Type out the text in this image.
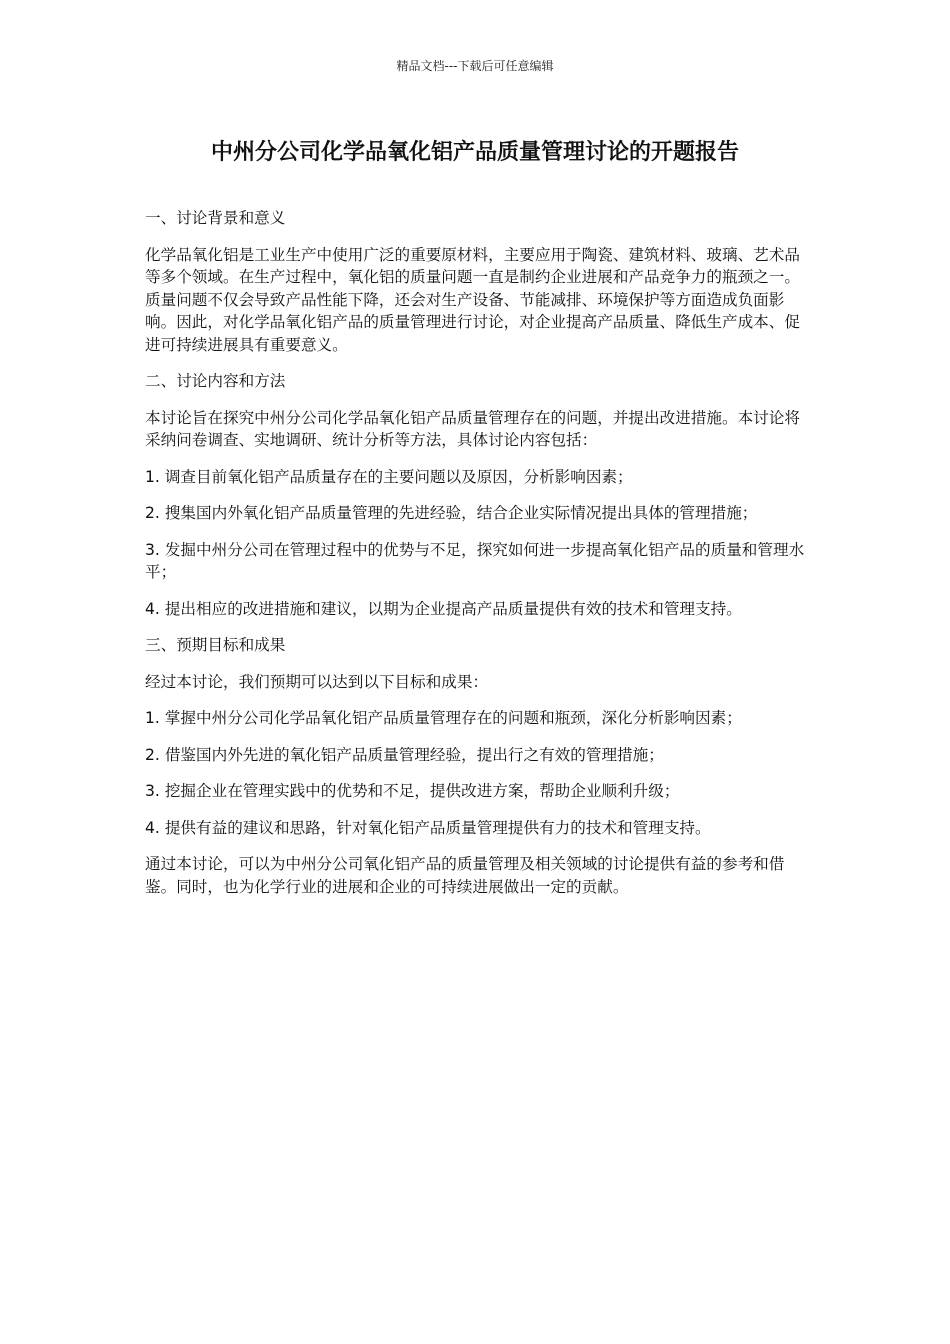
精品文档---下载后可任意编辑
中州分公司化学品氧化铝产品质量管理讨论的开题报告

一、讨论背景和意义

化学品氧化铝是工业生产中使用广泛的重要原材料，主要应用于陶瓷、建筑材料、玻璃、艺术品等多个领域。在生产过程中，氧化铝的质量问题一直是制约企业进展和产品竞争力的瓶颈之一。质量问题不仅会导致产品性能下降，还会对生产设备、节能减排、环境保护等方面造成负面影响。因此，对化学品氧化铝产品的质量管理进行讨论，对企业提高产品质量、降低生产成本、促进可持续进展具有重要意义。

二、讨论内容和方法

本讨论旨在探究中州分公司化学品氧化铝产品质量管理存在的问题，并提出改进措施。本讨论将采纳问卷调查、实地调研、统计分析等方法，具体讨论内容包括：

1. 调查目前氧化铝产品质量存在的主要问题以及原因，分析影响因素；

2. 搜集国内外氧化铝产品质量管理的先进经验，结合企业实际情况提出具体的管理措施；

3. 发掘中州分公司在管理过程中的优势与不足，探究如何进一步提高氧化铝产品的质量和管理水平；

4. 提出相应的改进措施和建议，以期为企业提高产品质量提供有效的技术和管理支持。

三、预期目标和成果

经过本讨论，我们预期可以达到以下目标和成果：

1. 掌握中州分公司化学品氧化铝产品质量管理存在的问题和瓶颈，深化分析影响因素；

2. 借鉴国内外先进的氧化铝产品质量管理经验，提出行之有效的管理措施；

3. 挖掘企业在管理实践中的优势和不足，提供改进方案，帮助企业顺利升级；

4. 提供有益的建议和思路，针对氧化铝产品质量管理提供有力的技术和管理支持。

通过本讨论，可以为中州分公司氧化铝产品的质量管理及相关领域的讨论提供有益的参考和借鉴。同时，也为化学行业的进展和企业的可持续进展做出一定的贡献。
